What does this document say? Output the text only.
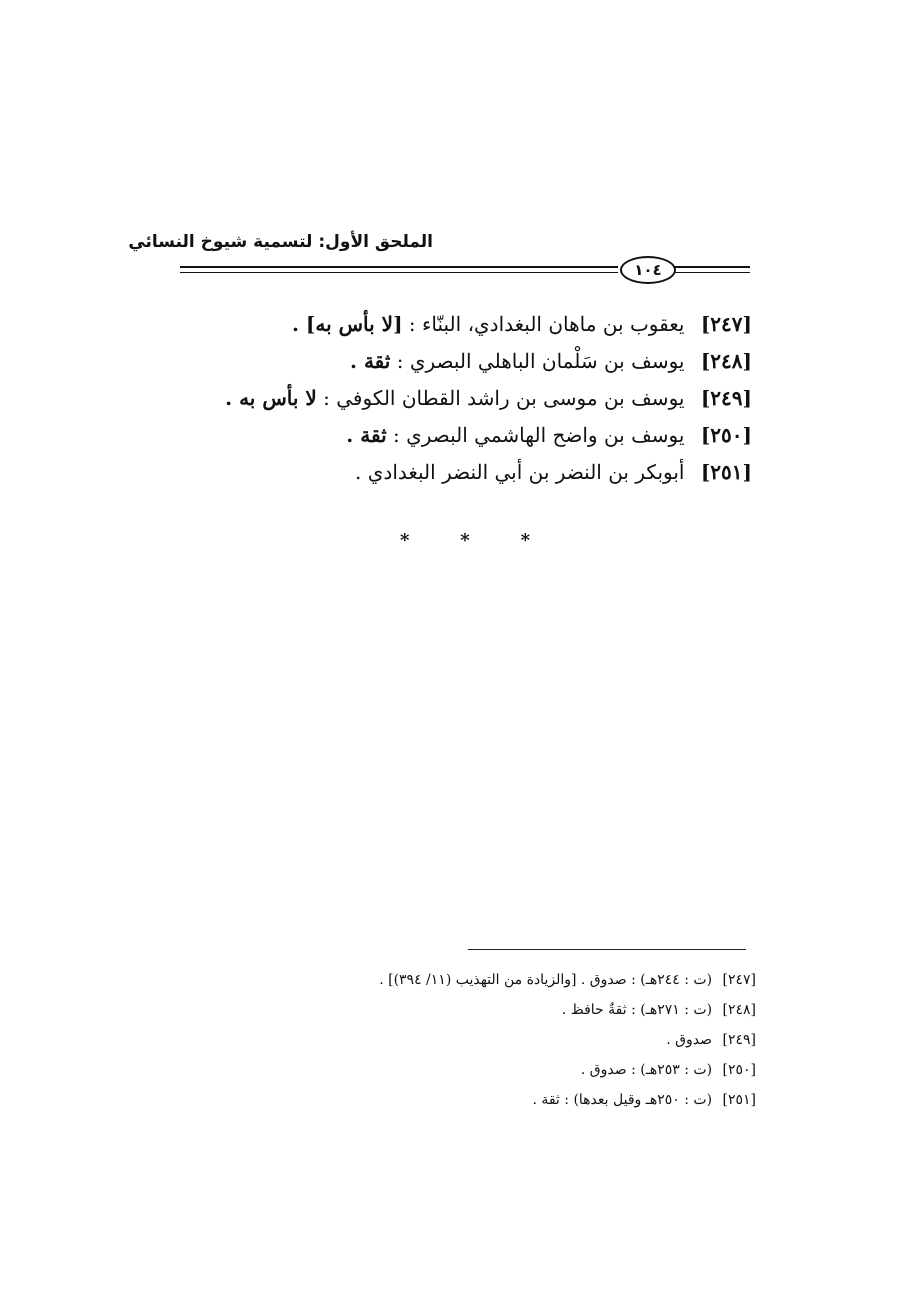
الملحق الأول: لتسمية شيوخ النسائي
١٠٤
[٢٤٧] يعقوب بن ماهان البغدادي، البنّاء : [لا بأس به] .
[٢٤٨] يوسف بن سَلْمان الباهلي البصري : ثقة .
[٢٤٩] يوسف بن موسى بن راشد القطان الكوفي : لا بأس به .
[٢٥٠] يوسف بن واضح الهاشمي البصري : ثقة .
[٢٥١] أبوبكر بن النضر بن أبي النضر البغدادي .
*	*	*
[٢٤٧] (ت : ٢٤٤هـ) : صدوق . [والزيادة من التهذيب (١١/ ٣٩٤)] .
[٢٤٨] (ت : ٢٧١هـ) : ثقةٌ حافظ .
[٢٤٩] صدوق .
[٢٥٠] (ت : ٢٥٣هـ) : صدوق .
[٢٥١] (ت : ٢٥٠هـ وقيل بعدها) : ثقة .
